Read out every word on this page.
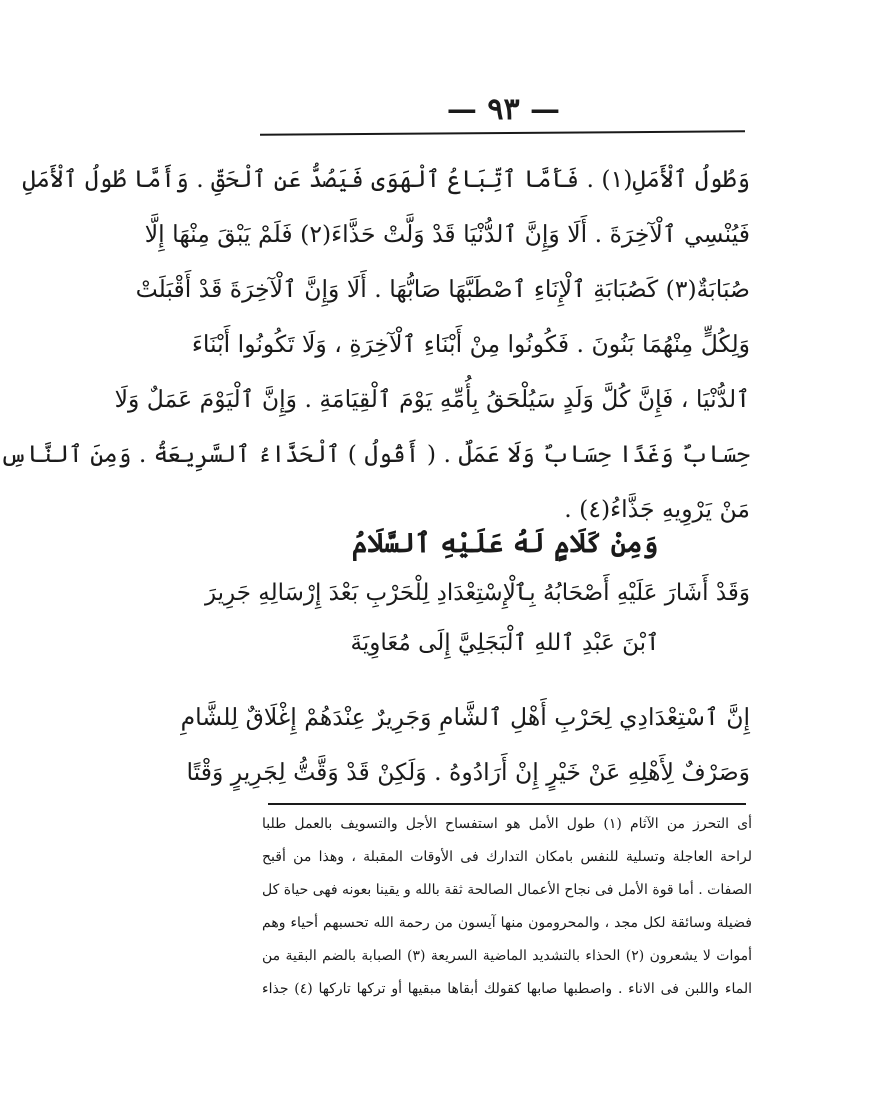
— ٩٣ —
وَطُولُ ٱلْأَمَلِ(١) . فَأَمَّا ٱتِّبَاعُ ٱلْهَوَى فَيَصُدُّ عَنِ ٱلْحَقِّ . وَأَمَّا طُولُ ٱلْأَمَلِ
فَيُنْسِي ٱلْآخِرَةَ . أَلَا وَإِنَّ ٱلدُّنْيَا قَدْ وَلَّتْ حَذَّاءَ(٢) فَلَمْ يَبْقَ مِنْهَا إِلَّا
صُبَابَةٌ(٣) كَصُبَابَةِ ٱلْإِنَاءِ ٱصْطَبَّهَا صَابُّهَا . أَلَا وَإِنَّ ٱلْآخِرَةَ قَدْ أَقْبَلَتْ
وَلِكُلٍّ مِنْهُمَا بَنُونَ . فَكُونُوا مِنْ أَبْنَاءِ ٱلْآخِرَةِ ، وَلَا تَكُونُوا أَبْنَاءَ
ٱلدُّنْيَا ، فَإِنَّ كُلَّ وَلَدٍ سَيُلْحَقُ بِأُمِّهِ يَوْمَ ٱلْقِيَامَةِ . وَإِنَّ ٱلْيَوْمَ عَمَلٌ وَلَا
حِسَابٌ وَغَدًا حِسَابٌ وَلَا عَمَلٌ . ( أَقُولُ ) ٱلْحَذَّاءُ ٱلسَّرِيعَةُ . وَمِنَ ٱلنَّاسِ
مَنْ يَرْوِيهِ جَذَّاءُ(٤) .
وَمِنْ كَلَامٍ لَهُ عَلَيْهِ ٱلسَّلَامُ
وَقَدْ أَشَارَ عَلَيْهِ أَصْحَابُهُ بِٱلْإِسْتِعْدَادِ لِلْحَرْبِ بَعْدَ إِرْسَالِهِ جَرِيرَ
ٱبْنَ عَبْدِ ٱللهِ ٱلْبَجَلِيَّ إِلَى مُعَاوِيَةَ
إِنَّ ٱسْتِعْدَادِي لِحَرْبِ أَهْلِ ٱلشَّامِ وَجَرِيرٌ عِنْدَهُمْ إِغْلَاقٌ لِلشَّامِ
وَصَرْفٌ لِأَهْلِهِ عَنْ خَيْرٍ إِنْ أَرَادُوهُ . وَلَكِنْ قَدْ وَقَّتُّ لِجَرِيرٍ وَقْتًا
أى التحرز من الآثام (١) طول الأمل هو استفساح الأجل والتسويف بالعمل طلبا
لراحة العاجلة وتسلية للنفس بامكان التدارك فى الأوقات المقبلة ، وهذا من أقبح
الصفات . أما قوة الأمل فى نجاح الأعمال الصالحة ثقة بالله و يقينا بعونه فهى حياة كل
فضيلة وسائقة لكل مجد ، والمحرومون منها آيسون من رحمة الله تحسبهم أحياء وهم
أموات لا يشعرون (٢) الحذاء بالتشديد الماضية السريعة (٣) الصبابة بالضم البقية من
الماء واللبن فى الاناء . واصطبها صابها كقولك أبقاها مبقيها أو تركها تاركها (٤) جذاء
